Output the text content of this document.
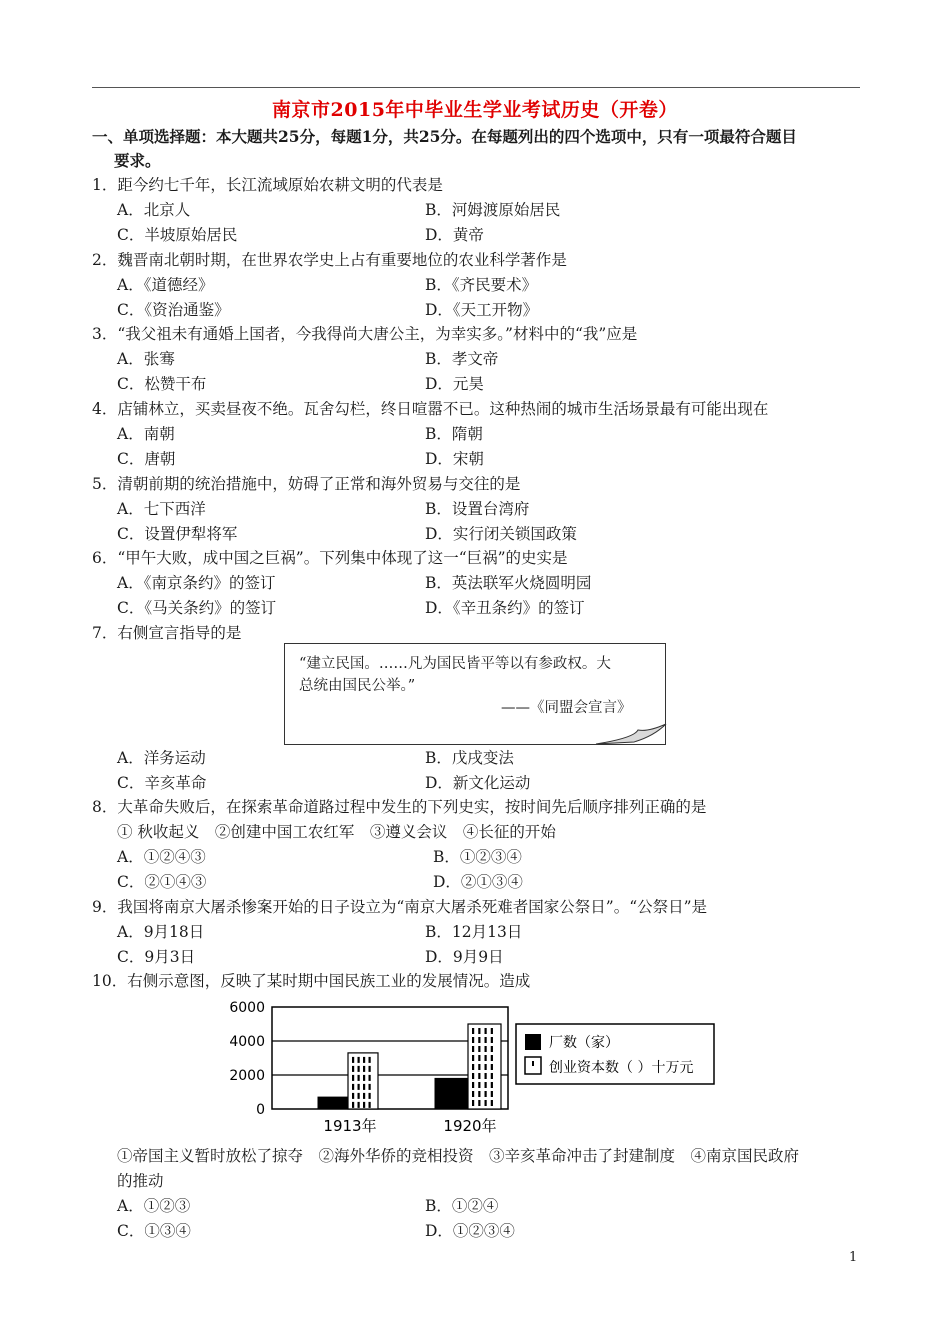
南京市2015年中毕业生学业考试历史（开卷）
一、单项选择题：本大题共25分，每题1分，共25分。在每题列出的四个选项中，只有一项最符合题目
要求。
1．距今约七千年，长江流域原始农耕文明的代表是
A．北京人	B．河姆渡原始居民
C．半坡原始居民	D．黄帝
2．魏晋南北朝时期，在世界农学史上占有重要地位的农业科学著作是
A．《道德经》	B．《齐民要术》
C．《资治通鉴》	D．《天工开物》
3．“我父祖未有通婚上国者，今我得尚大唐公主，为幸实多。”材料中的“我”应是
A．张骞	B．孝文帝
C．松赞干布	D．元昊
4．店铺林立，买卖昼夜不绝。瓦舍勾栏，终日喧嚣不已。这种热闹的城市生活场景最有可能出现在
A．南朝	B．隋朝
C．唐朝	D．宋朝
5．清朝前期的统治措施中，妨碍了正常和海外贸易与交往的是
A．七下西洋	B．设置台湾府
C．设置伊犁将军	D．实行闭关锁国政策
6．“甲午大败，成中国之巨祸”。下列集中体现了这一“巨祸”的史实是
A．《南京条约》的签订	B．英法联军火烧圆明园
C．《马关条约》的签订	D．《辛丑条约》的签订
7．右侧宣言指导的是
“建立民国。……凡为国民皆平等以有参政权。大
总统由国民公举。”
——《同盟会宣言》
A．洋务运动	B．戊戌变法
C．辛亥革命	D．新文化运动
8．大革命失败后，在探索革命道路过程中发生的下列史实，按时间先后顺序排列正确的是
① 秋收起义　②创建中国工农红军　③遵义会议　④长征的开始
A．①②④③	B．①②③④
C．②①④③	D．②①③④
9．我国将南京大屠杀惨案开始的日子设立为“南京大屠杀死难者国家公祭日”。“公祭日”是
A．9月18日	B．12月13日
C．9月3日	D．9月9日
10．右侧示意图，反映了某时期中国民族工业的发展情况。造成
0
2000
4000
6000
1913年	1920年
厂数（家）
创业资本数（ ）十万元
①帝国主义暂时放松了掠夺　②海外华侨的竞相投资　③辛亥革命冲击了封建制度　④南京国民政府
的推动
A．①②③	B．①②④
C．①③④	D．①②③④
1
